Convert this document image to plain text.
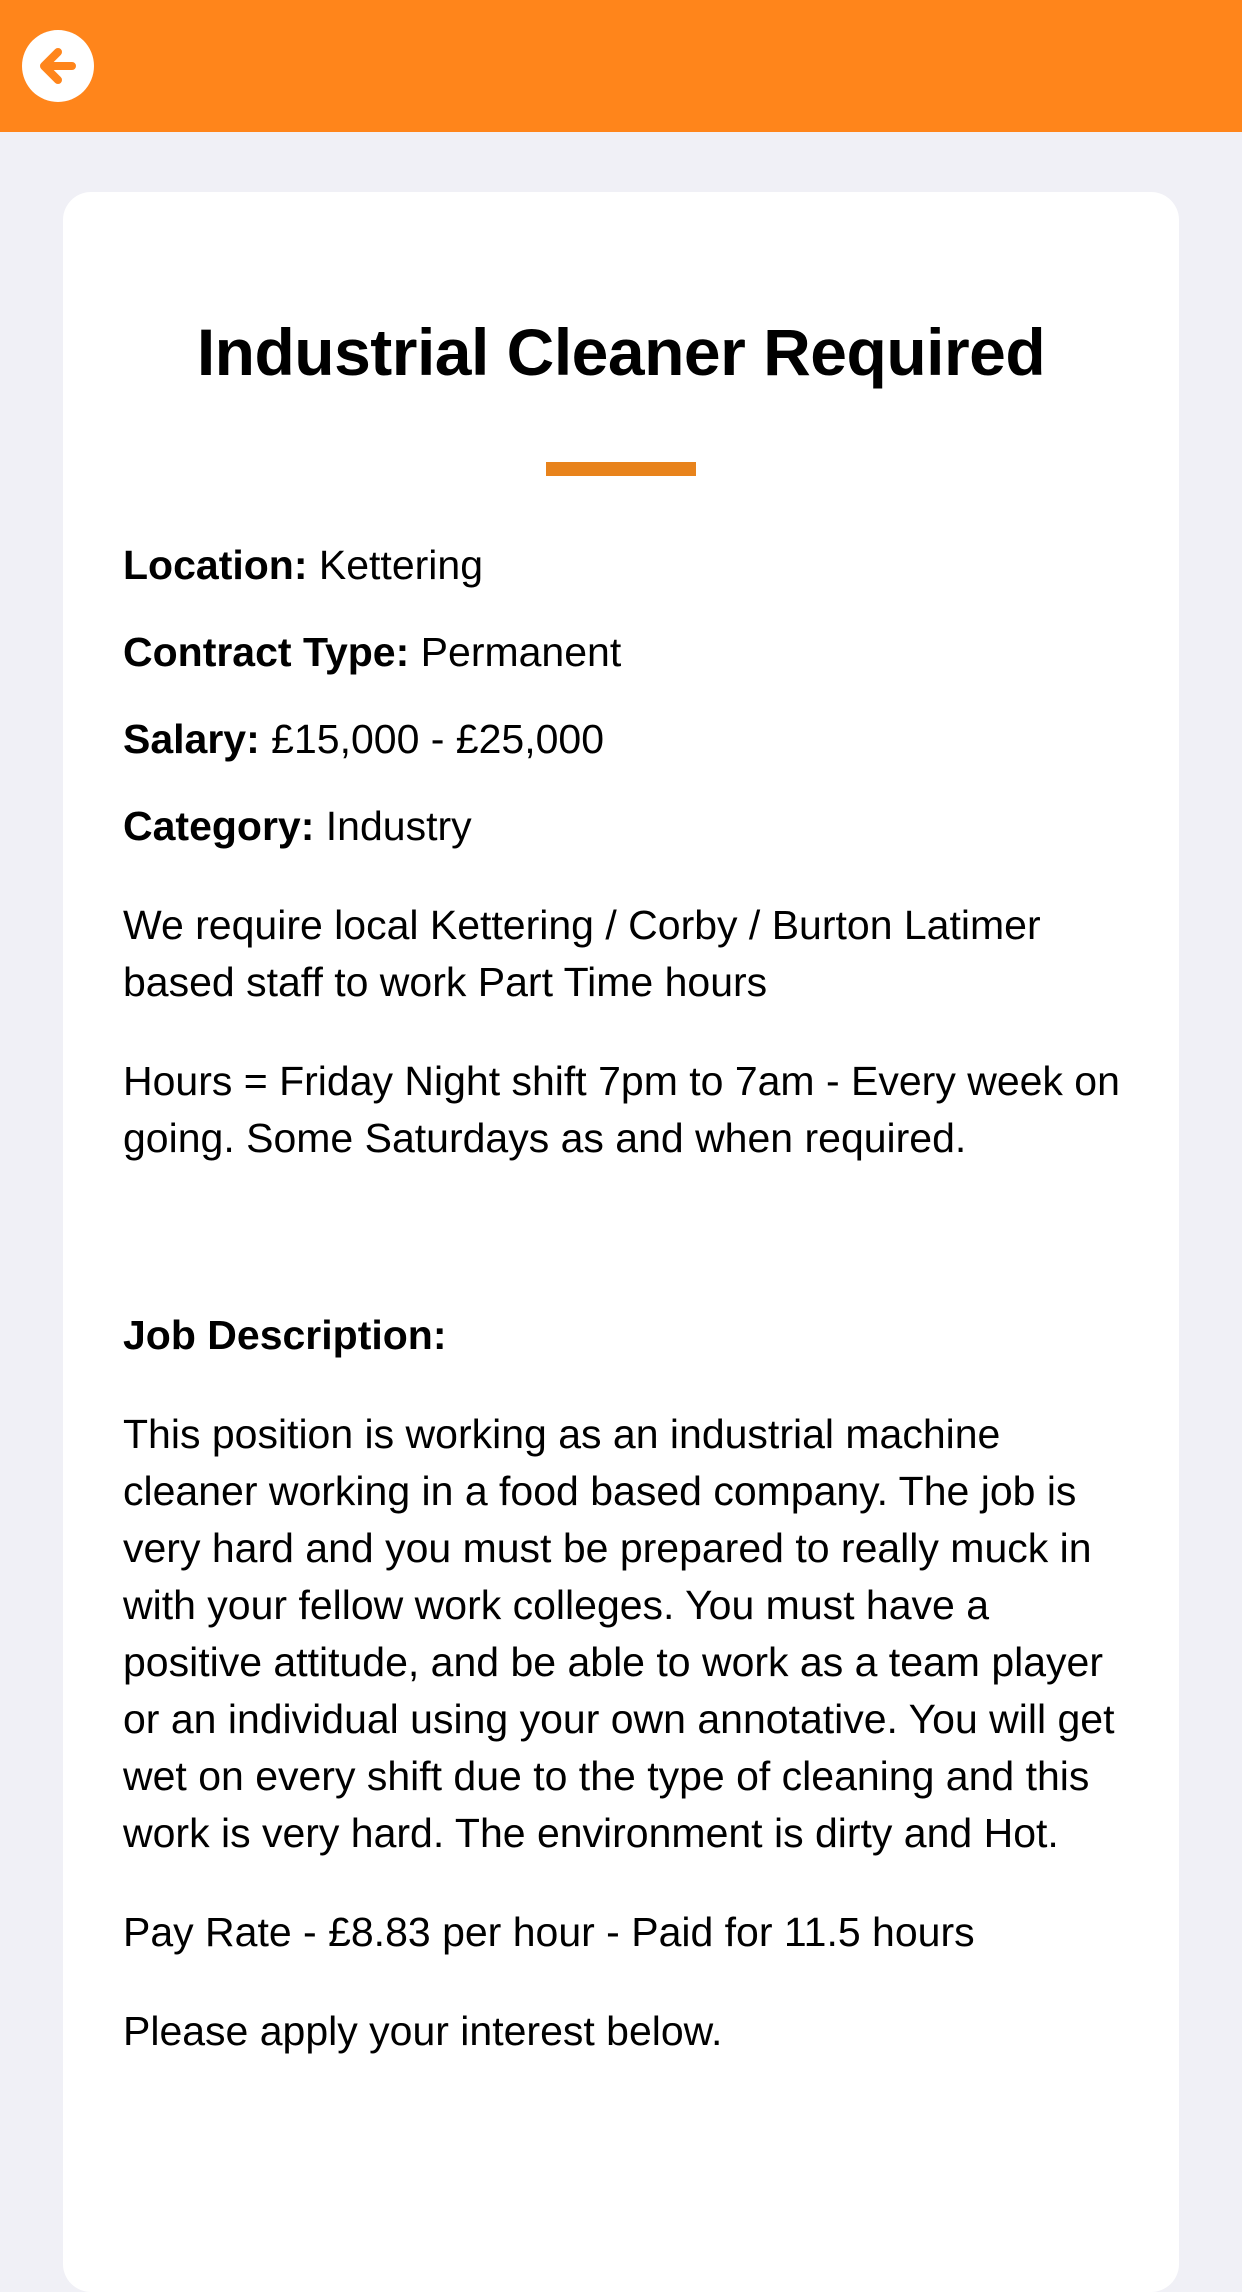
Industrial Cleaner Required

Location: Kettering

Contract Type: Permanent

Salary: £15,000 - £25,000

Category: Industry

We require local Kettering / Corby / Burton Latimer based staff to work Part Time hours

Hours = Friday Night shift 7pm to 7am - Every week on going. Some Saturdays as and when required.

Job Description:

This position is working as an industrial machine cleaner working in a food based company. The job is very hard and you must be prepared to really muck in with your fellow work colleges. You must have a positive attitude, and be able to work as a team player or an individual using your own annotative. You will get wet on every shift due to the type of cleaning and this work is very hard. The environment is dirty and Hot.

Pay Rate - £8.83 per hour - Paid for 11.5 hours

Please apply your interest below.
